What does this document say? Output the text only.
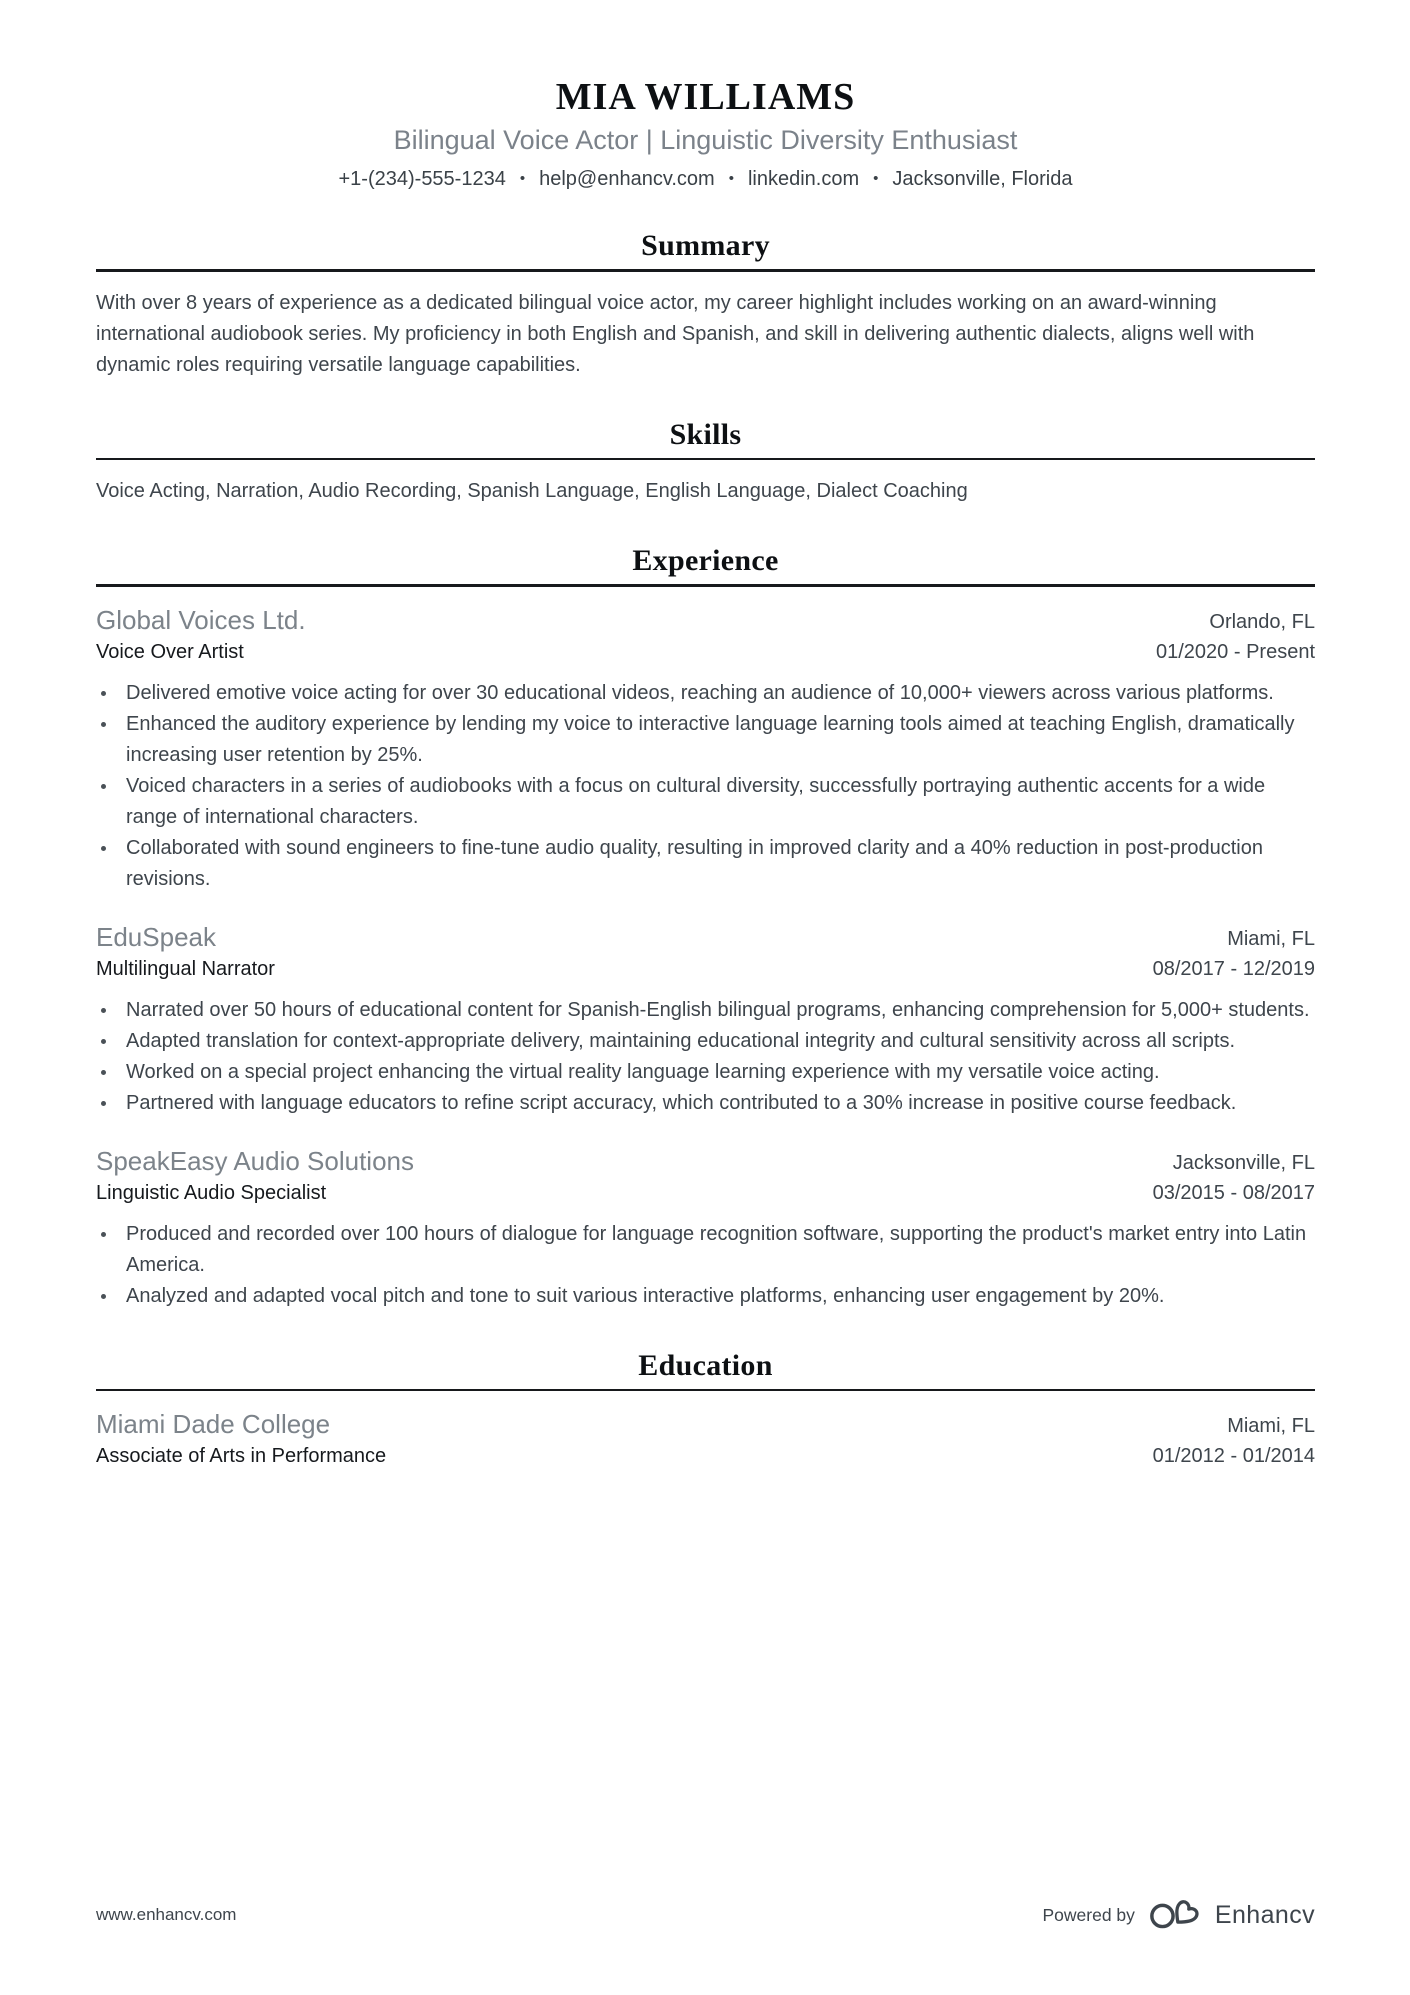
MIA WILLIAMS
Bilingual Voice Actor | Linguistic Diversity Enthusiast
+1-(234)-555-1234 • help@enhancv.com • linkedin.com • Jacksonville, Florida
Summary

With over 8 years of experience as a dedicated bilingual voice actor, my career highlight includes working on an award-winning international audiobook series. My proficiency in both English and Spanish, and skill in delivering authentic dialects, aligns well with dynamic roles requiring versatile language capabilities.

Skills

Voice Acting, Narration, Audio Recording, Spanish Language, English Language, Dialect Coaching

Experience
Global Voices Ltd.	Orlando, FL
Voice Over Artist	01/2020 - Present
Delivered emotive voice acting for over 30 educational videos, reaching an audience of 10,000+ viewers across various platforms.
Enhanced the auditory experience by lending my voice to interactive language learning tools aimed at teaching English, dramatically increasing user retention by 25%.
Voiced characters in a series of audiobooks with a focus on cultural diversity, successfully portraying authentic accents for a wide range of international characters.
Collaborated with sound engineers to fine-tune audio quality, resulting in improved clarity and a 40% reduction in post-production revisions.
EduSpeak	Miami, FL
Multilingual Narrator	08/2017 - 12/2019
Narrated over 50 hours of educational content for Spanish-English bilingual programs, enhancing comprehension for 5,000+ students.
Adapted translation for context-appropriate delivery, maintaining educational integrity and cultural sensitivity across all scripts.
Worked on a special project enhancing the virtual reality language learning experience with my versatile voice acting.
Partnered with language educators to refine script accuracy, which contributed to a 30% increase in positive course feedback.
SpeakEasy Audio Solutions	Jacksonville, FL
Linguistic Audio Specialist	03/2015 - 08/2017
Produced and recorded over 100 hours of dialogue for language recognition software, supporting the product's market entry into Latin America.
Analyzed and adapted vocal pitch and tone to suit various interactive platforms, enhancing user engagement by 20%.
Education
Miami Dade College	Miami, FL
Associate of Arts in Performance	01/2012 - 01/2014
www.enhancv.com	Powered by	Enhancv
